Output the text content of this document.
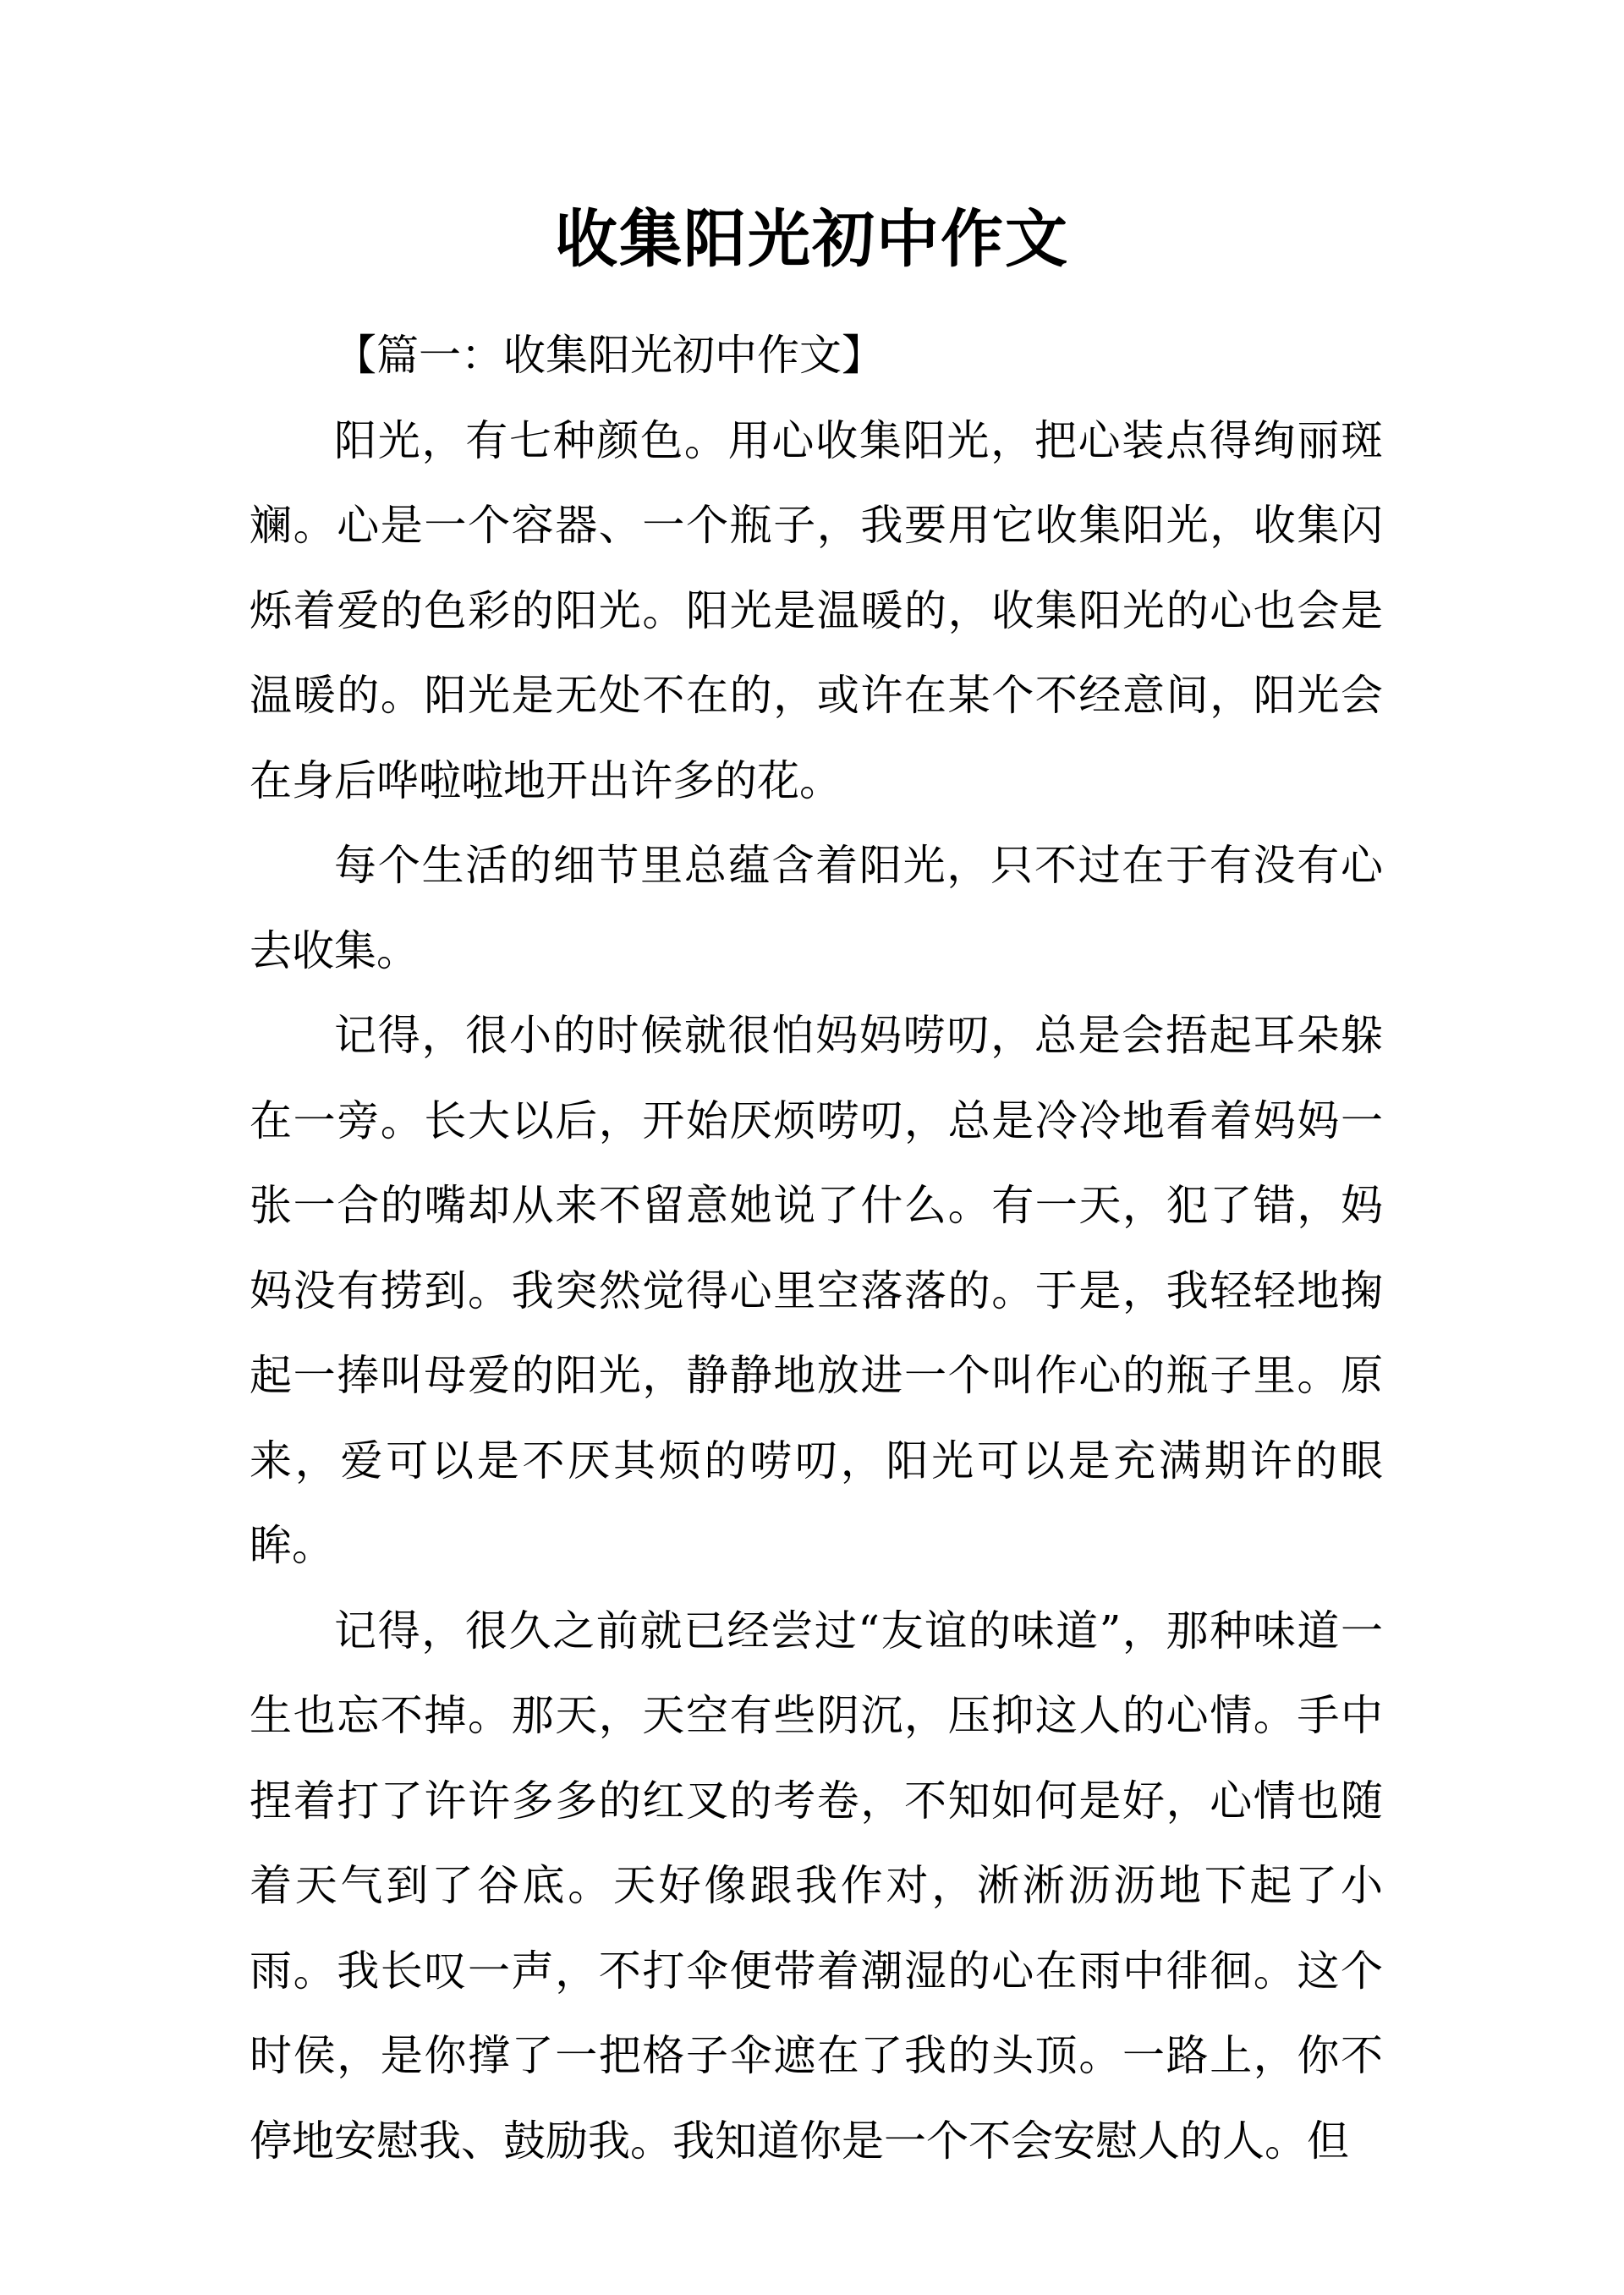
收集阳光初中作文

【篇一：收集阳光初中作文】

阳光，有七种颜色。用心收集阳光，把心装点得绚丽斑斓。心是一个容器、一个瓶子，我要用它收集阳光，收集闪烁着爱的色彩的阳光。阳光是温暖的，收集阳光的心也会是温暖的。阳光是无处不在的，或许在某个不经意间，阳光会在身后哗啦啦地开出许多的花。

每个生活的细节里总蕴含着阳光，只不过在于有没有心去收集。

记得，很小的时候就很怕妈妈唠叨，总是会捂起耳朵躲在一旁。长大以后，开始厌烦唠叨，总是冷冷地看着妈妈一张一合的嘴却从来不留意她说了什么。有一天，犯了错，妈妈没有捞到。我突然觉得心里空落落的。于是，我轻轻地掬起一捧叫母爱的阳光，静静地放进一个叫作心的瓶子里。原来，爱可以是不厌其烦的唠叨，阳光可以是充满期许的眼眸。

记得，很久之前就已经尝过“友谊的味道”，那种味道一生也忘不掉。那天，天空有些阴沉，压抑这人的心情。手中捏着打了许许多多的红叉的考卷，不知如何是好，心情也随着天气到了谷底。天好像跟我作对，淅淅沥沥地下起了小雨。我长叹一声，不打伞便带着潮湿的心在雨中徘徊。这个时侯，是你撑了一把格子伞遮在了我的头顶。一路上，你不停地安慰我、鼓励我。我知道你是一个不会安慰人的人。但
